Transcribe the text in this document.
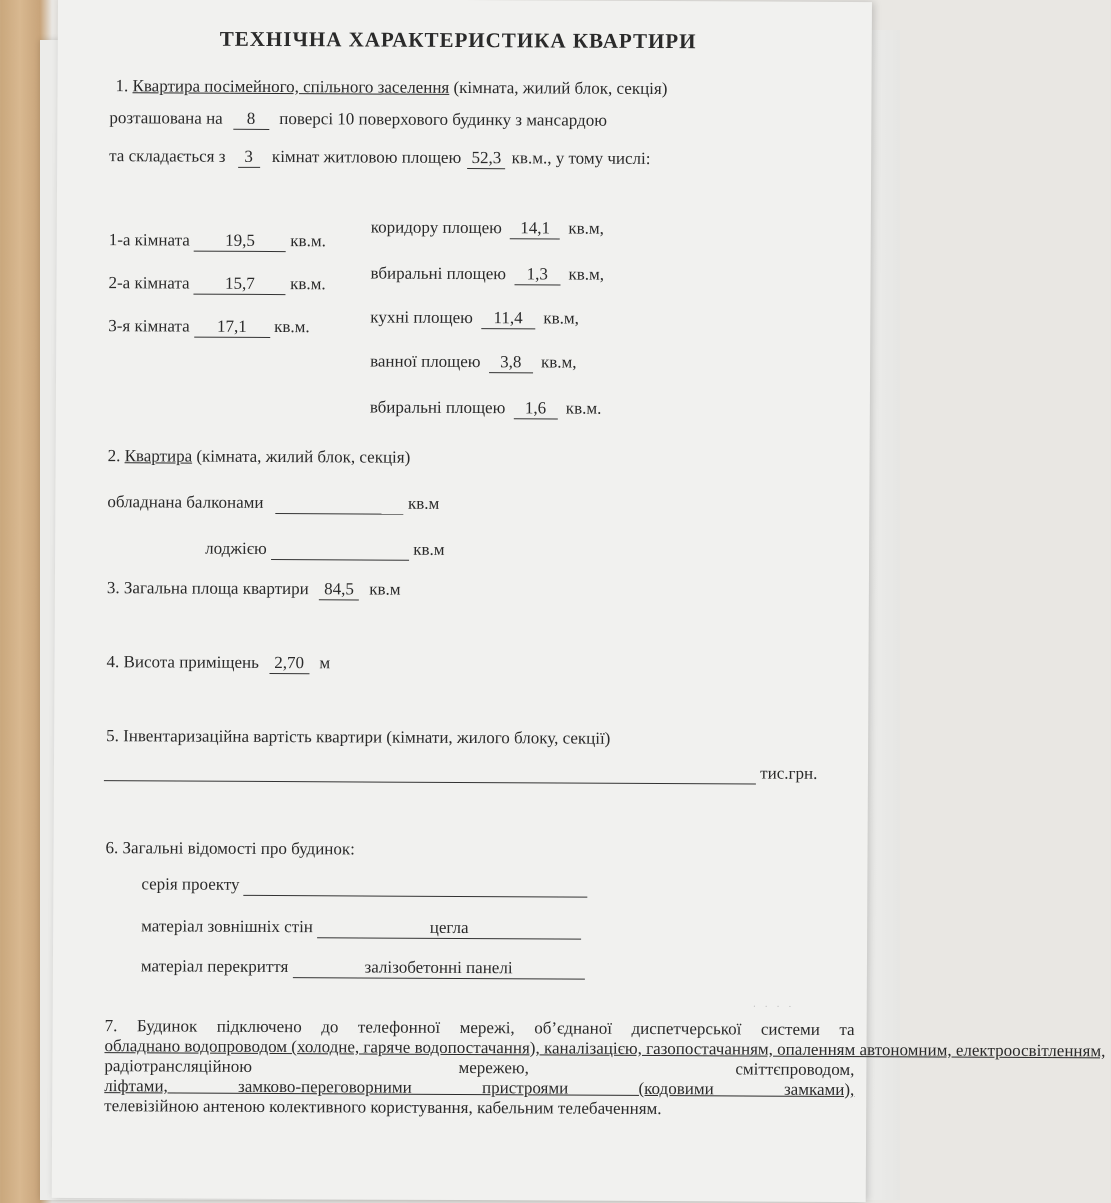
ТЕХНІЧНА ХАРАКТЕРИСТИКА КВАРТИРИ
1. Квартира посімейного, спільного заселення (кімната, жилий блок, секція)
розташована на 8 поверсі 10 поверхового будинку з мансардою
та складається з 3 кімнат житловою площею 52,3 кв.м., у тому числі:
1-а кімната 19,5 кв.м.
2-а кімната 15,7 кв.м.
3-я кімната 17,1 кв.м.
коридору площею 14,1 кв.м,
вбиральні площею 1,3 кв.м,
кухні площею 11,4 кв.м,
ванної площею 3,8 кв.м,
вбиральні площею 1,6 кв.м.
2. Квартира (кімната, жилий блок, секція)
обладнана балконами	кв.м
лоджією	кв.м
3. Загальна площа квартири 84,5 кв.м
4. Висота приміщень 2,70 м
5. Інвентаризаційна вартість квартири (кімнати, жилого блоку, секції)
тис.грн.
6. Загальні відомості про будинок:
серія проекту
матеріал зовнішніх стін	цегла
матеріал перекриття	залізобетонні панелі
· · · ·
7. Будинок підключено до телефонної мережі, об’єднаної диспетчерської системи та обладнано водопроводом (холодне, гаряче водопостачання), каналізацією, газопостачанням, опаленням автономним, електроосвітленням, радіотрансляційною мережею, сміттєпроводом, ліфтами, замково-переговорними пристроями (кодовими замками), телевізійною антеною колективного користування, кабельним телебаченням.
